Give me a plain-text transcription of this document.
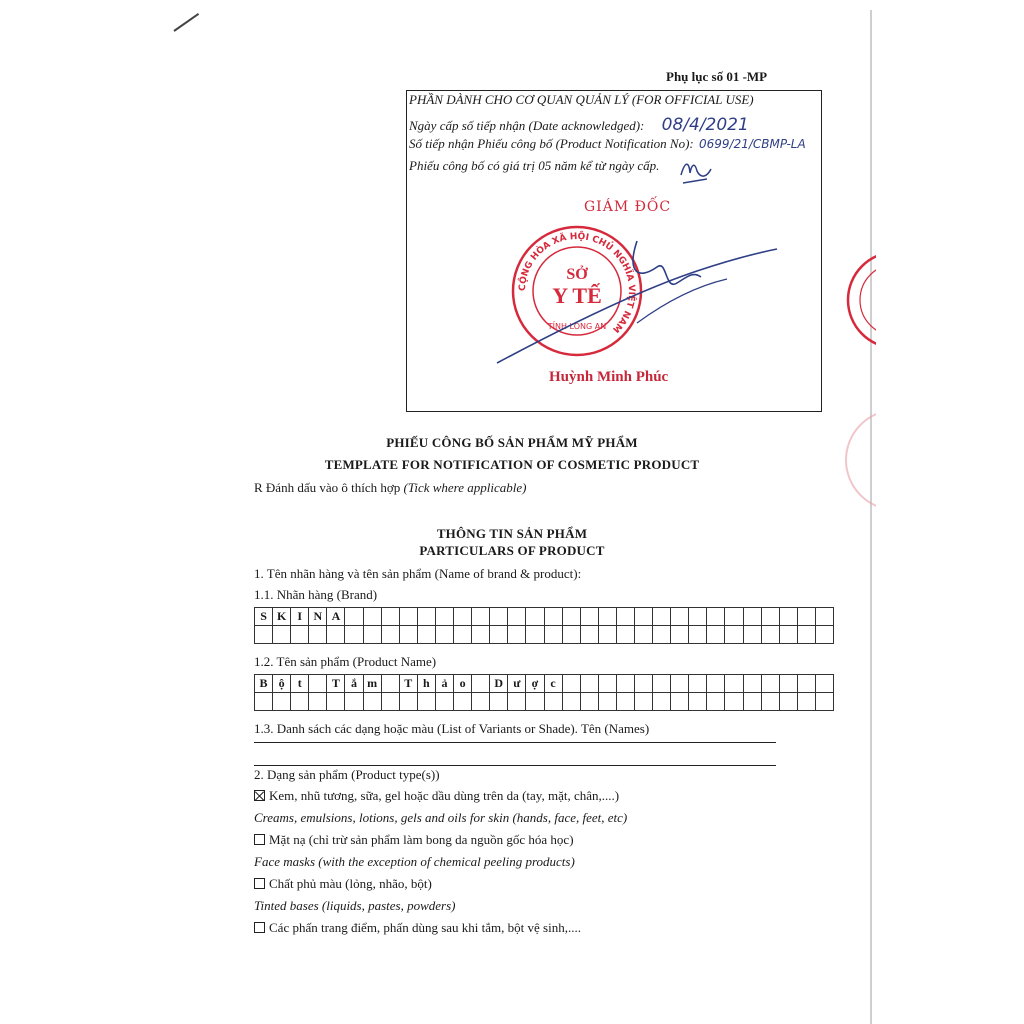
Phụ lục số 01 -MP
PHẦN DÀNH CHO CƠ QUAN QUẢN LÝ (FOR OFFICIAL USE)
Ngày cấp số tiếp nhận (Date acknowledged): 08/4/2021
Số tiếp nhận Phiếu công bố (Product Notification No): 0699/21/CBMP-LA
Phiếu công bố có giá trị 05 năm kể từ ngày cấp.
GIÁM ĐỐC
CỘNG HÒA XÃ HỘI CHỦ NGHĨA VIỆT NAM
SỞ
Y TẾ
TỈNH LONG AN
Huỳnh Minh Phúc
PHIẾU CÔNG BỐ SẢN PHẨM MỸ PHẨM
TEMPLATE FOR NOTIFICATION OF COSMETIC PRODUCT
R Đánh dấu vào ô thích hợp (Tick where applicable)
THÔNG TIN SẢN PHẨM
PARTICULARS OF PRODUCT
1. Tên nhãn hàng và tên sản phẩm (Name of brand & product):
1.1. Nhãn hàng (Brand)
S	K	I	N	A																											

1.2. Tên sản phẩm (Product Name)
B	ộ	t		T	ắ	m		T	h	ả	o		D	ư	ợ	c															

1.3. Danh sách các dạng hoặc màu (List of Variants or Shade). Tên (Names)
2. Dạng sản phẩm (Product type(s))
Kem, nhũ tương, sữa, gel hoặc dầu dùng trên da (tay, mặt, chân,....)
Creams, emulsions, lotions, gels and oils for skin (hands, face, feet, etc)
Mặt nạ (chỉ trừ sản phẩm làm bong da nguồn gốc hóa học)
Face masks (with the exception of chemical peeling products)
Chất phủ màu (lỏng, nhão, bột)
Tinted bases (liquids, pastes, powders)
Các phấn trang điểm, phấn dùng sau khi tắm, bột vệ sinh,....
